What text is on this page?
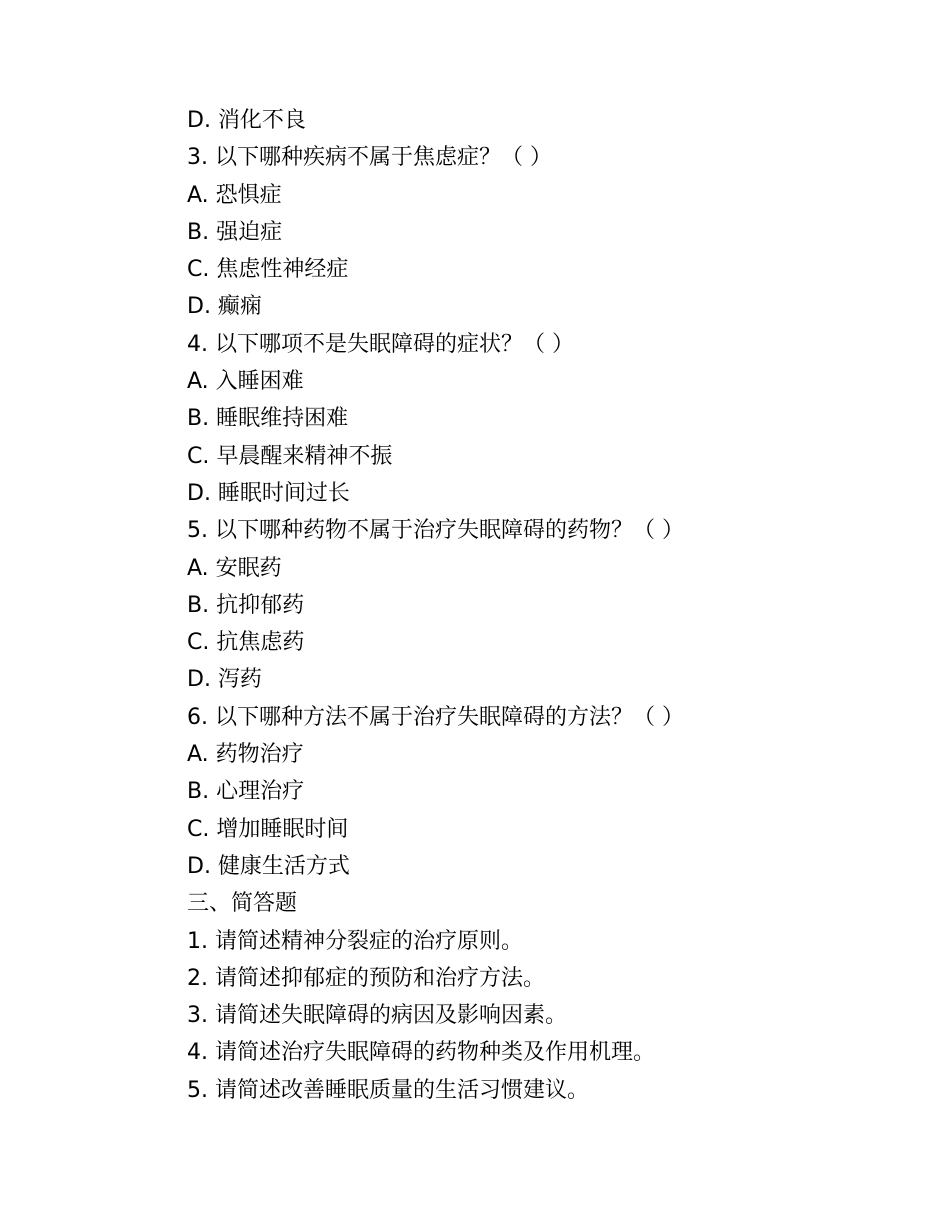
D. 消化不良
3. 以下哪种疾病不属于焦虑症？（ ）
A. 恐惧症
B. 强迫症
C. 焦虑性神经症
D. 癫痫
4. 以下哪项不是失眠障碍的症状？（ ）
A. 入睡困难
B. 睡眠维持困难
C. 早晨醒来精神不振
D. 睡眠时间过长
5. 以下哪种药物不属于治疗失眠障碍的药物？（ ）
A. 安眠药
B. 抗抑郁药
C. 抗焦虑药
D. 泻药
6. 以下哪种方法不属于治疗失眠障碍的方法？（ ）
A. 药物治疗
B. 心理治疗
C. 增加睡眠时间
D. 健康生活方式
三、简答题
1. 请简述精神分裂症的治疗原则。
2. 请简述抑郁症的预防和治疗方法。
3. 请简述失眠障碍的病因及影响因素。
4. 请简述治疗失眠障碍的药物种类及作用机理。
5. 请简述改善睡眠质量的生活习惯建议。
